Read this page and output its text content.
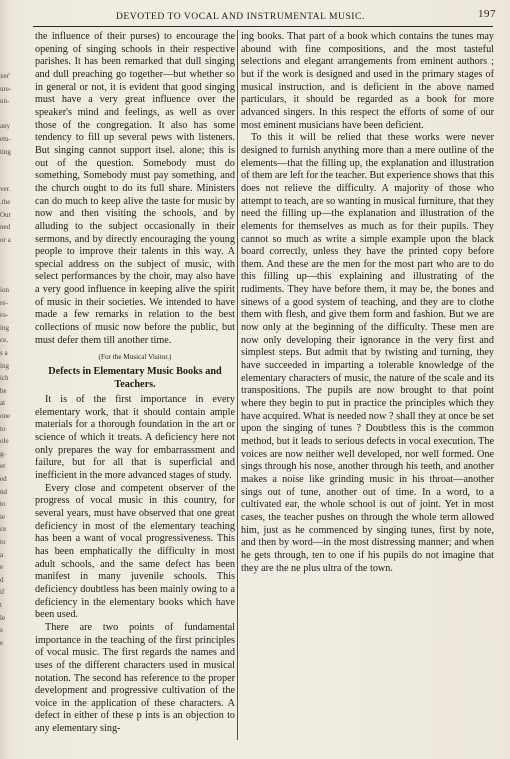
xer'
ure-
un-
any
etu-
ting
ver.
.the
Our
ned
or a
ion
re-
ro-
ing
ce,
s a
ing
ich
be
at
one
to
ole
g-
er
ed
nd
to
ie
ce
to
a
e
d
if
t
le
s
e
DEVOTED TO VOCAL AND INSTRUMENTAL MUSIC.	197

the influence of their purses) to encourage the opening of singing schools in their respective parishes. It has been remarked that dull singing and dull preaching go together—but whether so in general or not, it is evident that good singing must have a very great influence over the speaker's mind and feelings, as well as over those of the congregation. It also has some tendency to fill up several pews with listeners. But singing cannot support itsel. alone; this is out of the question. Somebody must do something, Somebody must pay something, and the church ought to do its full share. Ministers can do much to keep alive the taste for music by now and then visiting the schools, and by alluding to the subject occasionally in their sermons, and by directly encouraging the young people to improve their talents in this way. A special address on the subject of music, with select performances by the choir, may also have a very good influence in keeping alive the spirit of music in their societies. We intended to have made a few remarks in relation to the best collections of music now before the public, but must defer them till another time.

(For the Musical Visitor.)
Defects in Elementary Music Books and Teachers.

It is of the first importance in every elementary work, that it should contain ample materials for a thorough foundation in the art or science of which it treats. A deficiency here not only prepares the way for embarrassment and failure, but for all that is superficial and inefficient in the more advanced stages of study.

Every close and competent observer of the progress of vocal music in this country, for several years, must have observed that one great deficiency in most of the elementary teaching has been a want of vocal progressiveness. This has been emphatically the difficulty in most adult schools, and the same defect has been manifest in many juvenile schools. This deficiency doubtless has been mainly owing to a deficiency in the elementary books which have been used.

There are two points of fundamental importance in the teaching of the first principles of vocal music. The first regards the names and uses of the different characters used in musical notation. The second has reference to the proper development and progressive cultivation of the voice in the application of these characters. A defect in either of these p ints is an objection to any elementary sing-

ing books. That part of a book which contains the tunes may abound with fine compositions, and the most tasteful selections and elegant arrangements from eminent authors ; but if the work is designed and used in the primary stages of musical instruction, and is deficient in the above named particulars, it should be regarded as a book for more advanced singers. In this respect the efforts of some of our most eminent musicians have been deficient.

To this it will be relied that these works were never designed to furnish anything more than a mere outline of the elements—that the filling up, the explanation and illustration of them are left for the teacher. But experience shows that this does not relieve the difficulty. A majority of those who attempt to teach, are so wanting in musical furniture, that they need the filling up—the explanation and illustration of the elements for themselves as much as for their pupils. They cannot so much as write a simple example upon the black board correctly, unless they have the printed copy before them. And these are the men for the most part who are to do this filling up—this explaining and illustrating of the rudiments. They have before them, it may be, the bones and sinews of a good system of teaching, and they are to clothe them with flesh, and give them form and fashion. But we are now only at the beginning of the difficulty. These men are now only developing their ignorance in the very first and simplest steps. But admit that by twisting and turning, they have succeeded in imparting a tolerable knowledge of the elementary characters of music, the nature of the scale and its transpositions. The pupils are now brought to that point where they begin to put in practice the principles which they have acquired. What is needed now ? shall they at once be set upon the singing of tunes ? Doubtless this is the common method, but it leads to serious defects in vocal execution. The voices are now neither well developed, nor well formed. One sings through his nose, another through his teeth, and another makes a noise like grinding music in his throat—another sings out of tune, another out of time. In a word, to a cultivated ear, the whole school is out of joint. Yet in most cases, the teacher pushes on through the whole term allowed him, just as he commenced by singing tunes, first by note, and then by word—in the most distressing manner; and when he gets through, ten to one if his pupils do not imagine that they are the ne plus ultra of the town.
